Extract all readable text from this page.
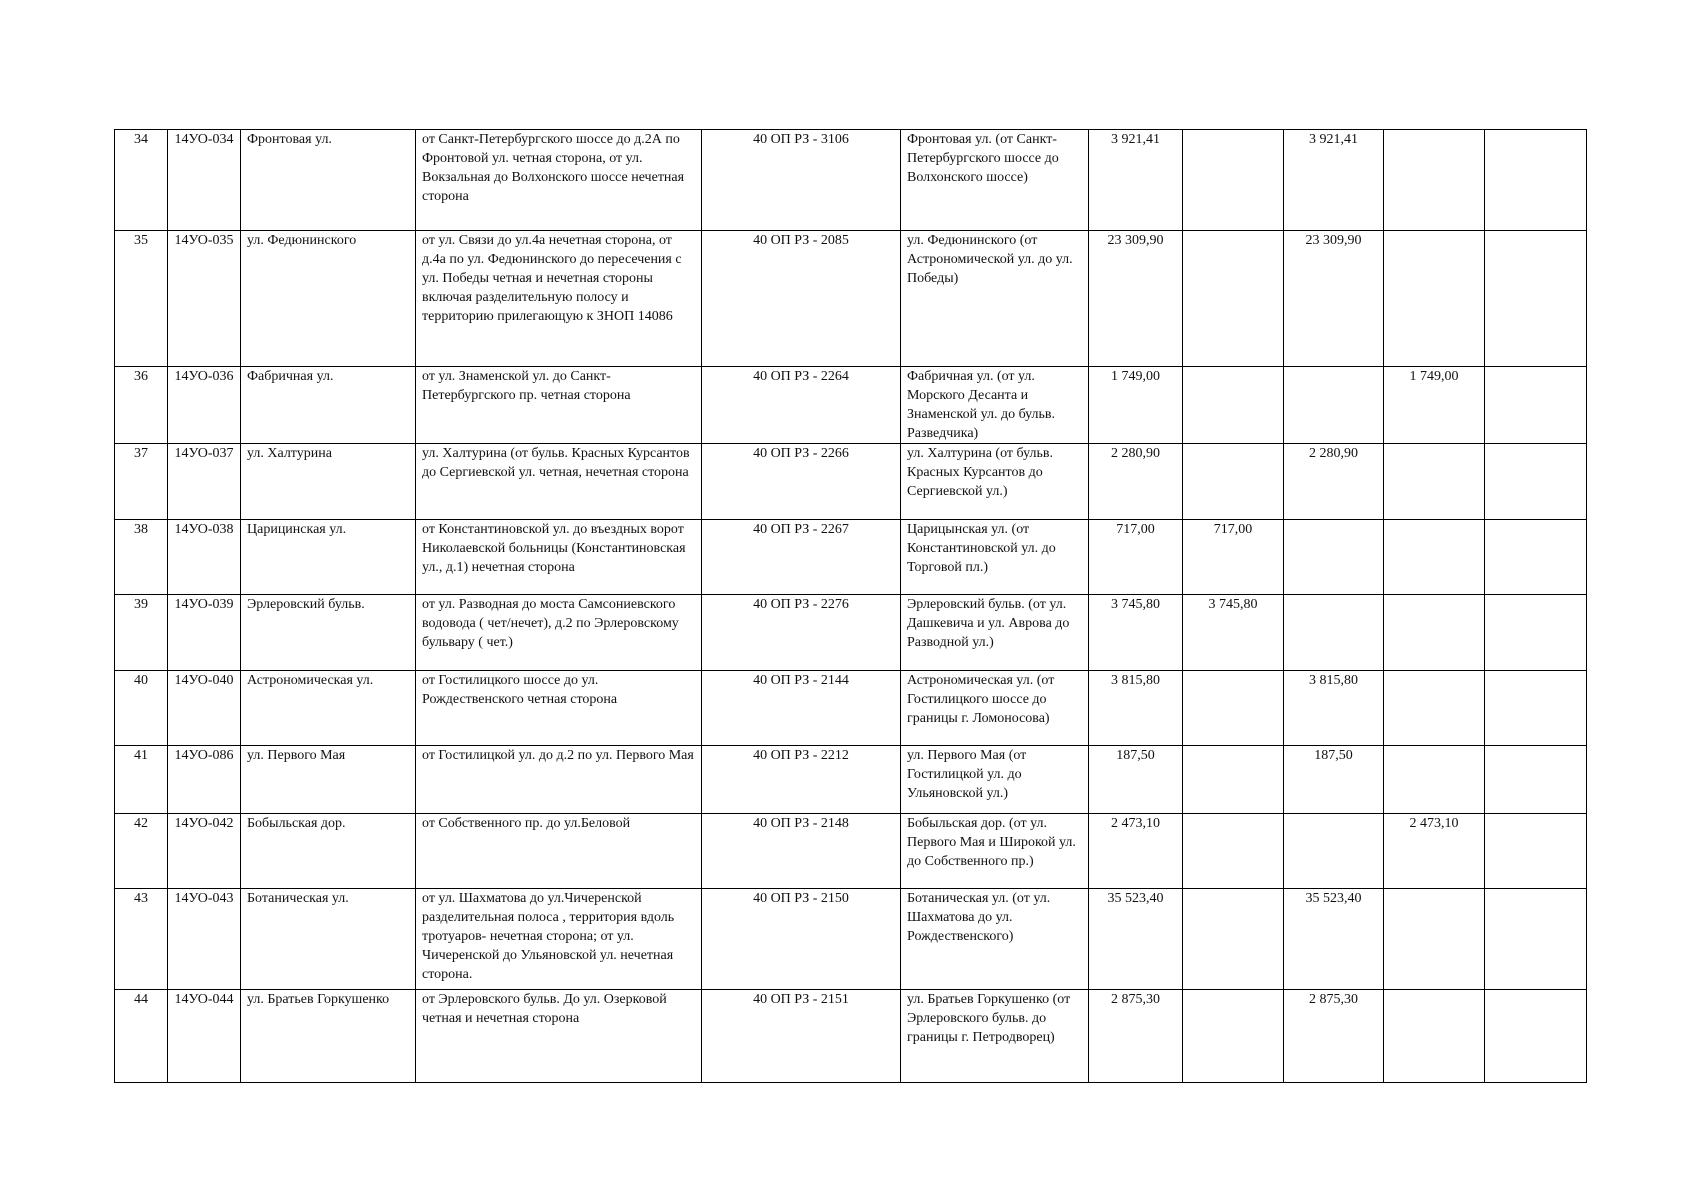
34	14УО-034	Фронтовая ул.	от Санкт-Петербургского шоссе до д.2А по Фронтовой ул. четная сторона, от ул. Вокзальная до Волхонского шоссе нечетная сторона	40 ОП РЗ - 3106	Фронтовая ул. (от Санкт-Петербургского шоссе до Волхонского шоссе)	3 921,41		3 921,41		
35	14УО-035	ул. Федюнинского	от ул. Связи до ул.4а нечетная сторона, от д.4а по ул. Федюнинского до пересечения с ул. Победы четная и нечетная стороны включая разделительную полосу и территорию прилегающую к ЗНОП 14086	40 ОП РЗ - 2085	ул. Федюнинского (от Астрономической ул. до ул. Победы)	23 309,90		23 309,90		
36	14УО-036	Фабричная ул.	от ул. Знаменской ул. до Санкт-Петербургского пр. четная сторона	40 ОП РЗ - 2264	Фабричная ул. (от ул. Морского Десанта и Знаменской ул. до бульв. Разведчика)	1 749,00			1 749,00	
37	14УО-037	ул. Халтурина	ул. Халтурина (от бульв. Красных Курсантов до Сергиевской ул. четная, нечетная сторона	40 ОП РЗ - 2266	ул. Халтурина (от бульв. Красных Курсантов до Сергиевской ул.)	2 280,90		2 280,90		
38	14УО-038	Царицинская ул.	от Константиновской ул. до въездных ворот Николаевской больницы (Константиновская ул., д.1) нечетная сторона	40 ОП РЗ - 2267	Царицынская ул. (от Константиновской ул. до Торговой пл.)	717,00	717,00			
39	14УО-039	Эрлеровский бульв.	от ул. Разводная до моста Самсониевского водовода ( чет/нечет), д.2 по Эрлеровскому бульвару ( чет.)	40 ОП РЗ - 2276	Эрлеровский бульв. (от ул. Дашкевича и ул. Аврова до Разводной ул.)	3 745,80	3 745,80			
40	14УО-040	Астрономическая ул.	от Гостилицкого шоссе до ул. Рождественского четная сторона	40 ОП РЗ - 2144	Астрономическая ул. (от Гостилицкого шоссе до границы г. Ломоносова)	3 815,80		3 815,80		
41	14УО-086	ул. Первого Мая	от Гостилицкой ул. до д.2 по ул. Первого Мая	40 ОП РЗ - 2212	ул. Первого Мая (от Гостилицкой ул. до Ульяновской ул.)	187,50		187,50		
42	14УО-042	Бобыльская дор.	от Собственного пр. до ул.Беловой	40 ОП РЗ - 2148	Бобыльская дор. (от ул. Первого Мая и Широкой ул. до Собственного пр.)	2 473,10			2 473,10	
43	14УО-043	Ботаническая ул.	от ул. Шахматова до ул.Чичеренской разделительная полоса , территория вдоль тротуаров- нечетная сторона; от ул. Чичеренской до Ульяновской ул. нечетная сторона.	40 ОП РЗ - 2150	Ботаническая ул. (от ул. Шахматова до ул. Рождественского)	35 523,40		35 523,40		
44	14УО-044	ул. Братьев Горкушенко	от Эрлеровского бульв. До ул. Озерковой четная и нечетная сторона	40 ОП РЗ - 2151	ул. Братьев Горкушенко (от Эрлеровского бульв. до границы г. Петродворец)	2 875,30		2 875,30		
